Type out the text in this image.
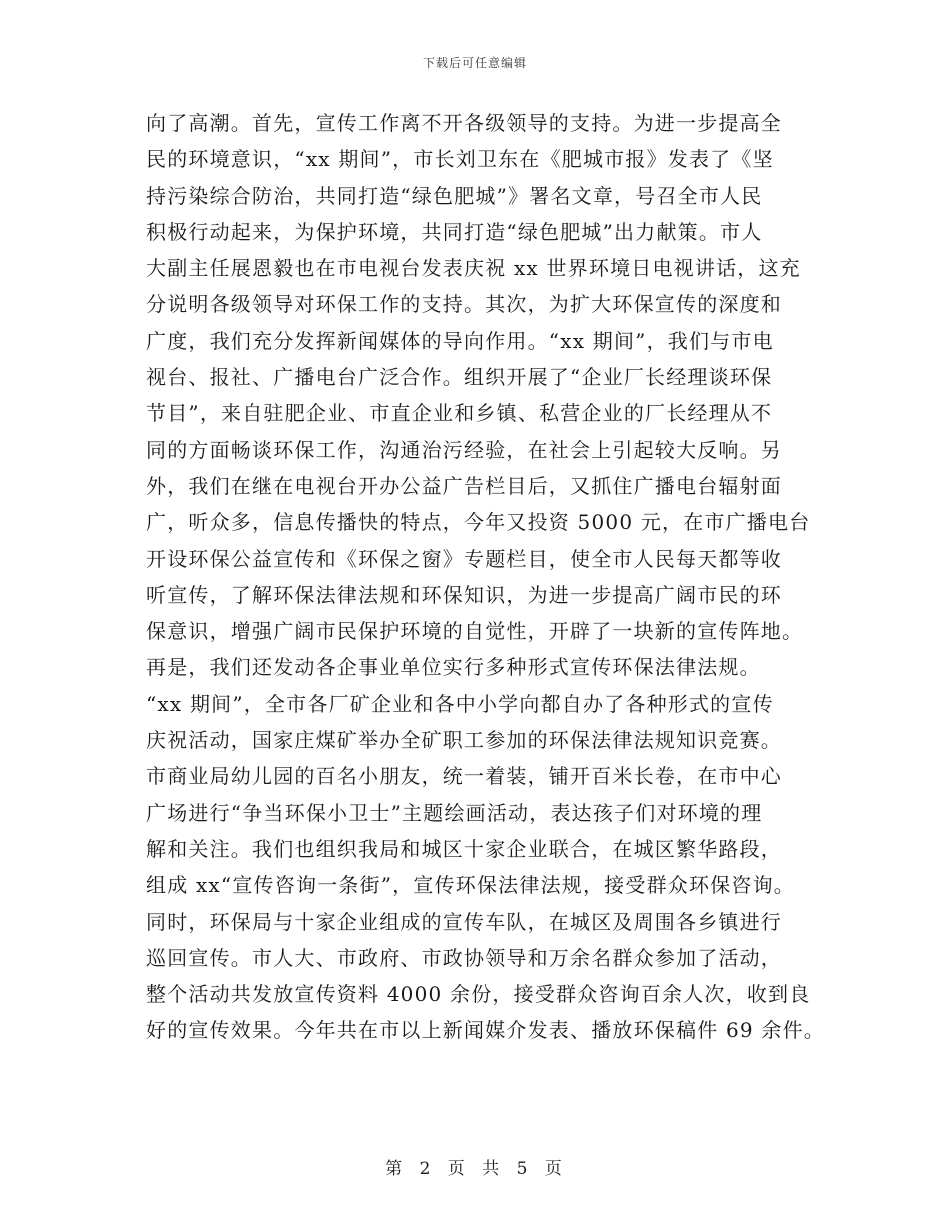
下载后可任意编辑
向了高潮。首先，宣传工作离不开各级领导的支持。为进一步提高全
民的环境意识，“xx 期间”，市长刘卫东在《肥城市报》发表了《坚
持污染综合防治，共同打造“绿色肥城”》署名文章，号召全市人民
积极行动起来，为保护环境，共同打造“绿色肥城”出力献策。市人
大副主任展恩毅也在市电视台发表庆祝 xx 世界环境日电视讲话，这充
分说明各级领导对环保工作的支持。其次，为扩大环保宣传的深度和
广度，我们充分发挥新闻媒体的导向作用。“xx 期间”，我们与市电
视台、报社、广播电台广泛合作。组织开展了“企业厂长经理谈环保
节目”，来自驻肥企业、市直企业和乡镇、私营企业的厂长经理从不
同的方面畅谈环保工作，沟通治污经验，在社会上引起较大反响。另
外，我们在继在电视台开办公益广告栏目后，又抓住广播电台辐射面
广，听众多，信息传播快的特点，今年又投资 5000 元，在市广播电台
开设环保公益宣传和《环保之窗》专题栏目，使全市人民每天都等收
听宣传，了解环保法律法规和环保知识，为进一步提高广阔市民的环
保意识，增强广阔市民保护环境的自觉性，开辟了一块新的宣传阵地。
再是，我们还发动各企事业单位实行多种形式宣传环保法律法规。
“xx 期间”，全市各厂矿企业和各中小学向都自办了各种形式的宣传
庆祝活动，国家庄煤矿举办全矿职工参加的环保法律法规知识竞赛。
市商业局幼儿园的百名小朋友，统一着装，铺开百米长卷，在市中心
广场进行“争当环保小卫士”主题绘画活动，表达孩子们对环境的理
解和关注。我们也组织我局和城区十家企业联合，在城区繁华路段，
组成 xx“宣传咨询一条街”，宣传环保法律法规，接受群众环保咨询。
同时，环保局与十家企业组成的宣传车队，在城区及周围各乡镇进行
巡回宣传。市人大、市政府、市政协领导和万余名群众参加了活动，
整个活动共发放宣传资料 4000 余份，接受群众咨询百余人次，收到良
好的宣传效果。今年共在市以上新闻媒介发表、播放环保稿件 69 余件。
第 2 页 共 5 页
